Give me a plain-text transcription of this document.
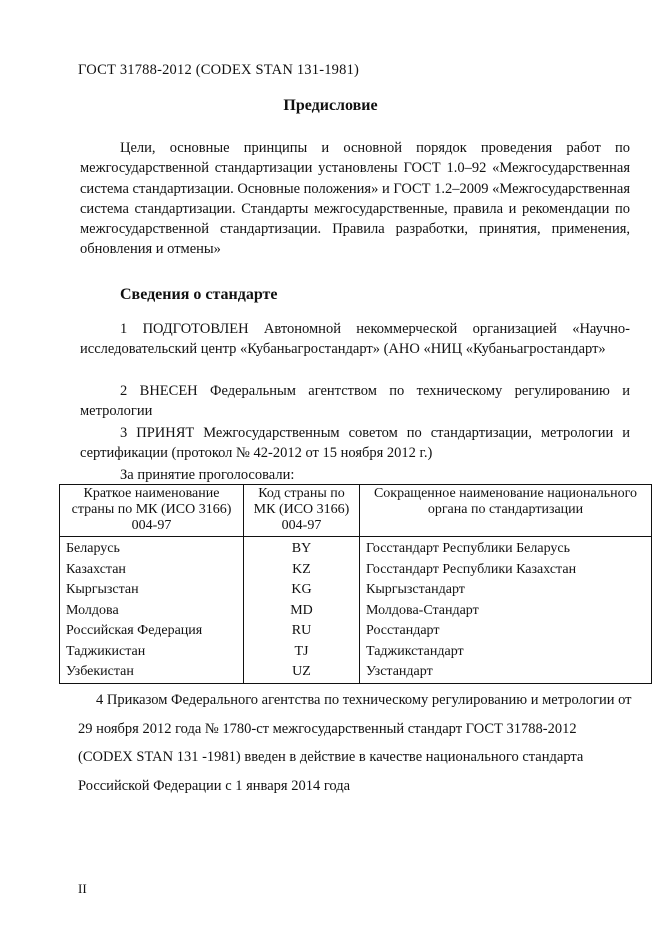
ГОСТ 31788-2012 (CODEX STAN 131-1981)
Предисловие
Цели, основные принципы и основной порядок проведения работ по межгосударственной стандартизации установлены ГОСТ 1.0–92 «Межгосударственная система стандартизации. Основные положения» и ГОСТ 1.2–2009 «Межгосударственная система стандартизации. Стандарты межгосударственные, правила и рекомендации по межгосударственной стандартизации. Правила разработки, принятия, применения, обновления и отмены»
Сведения о стандарте
1 ПОДГОТОВЛЕН Автономной некоммерческой организацией «Научно-исследовательский центр «Кубаньагростандарт» (АНО «НИЦ «Кубаньагростандарт»
2 ВНЕСЕН Федеральным агентством по техническому регулированию и метрологии
3 ПРИНЯТ Межгосударственным советом по стандартизации, метрологии и сертификации (протокол № 42-2012 от 15 ноября 2012 г.)
За принятие проголосовали:
Краткое наименование страны по МК (ИСО 3166) 004-97	Код страны по МК (ИСО 3166) 004-97	Сокращенное наименование национального органа по стандартизации
Беларусь	BY	Госстандарт Республики Беларусь
Казахстан	KZ	Госстандарт Республики Казахстан
Кыргызстан	KG	Кыргызстандарт
Молдова	MD	Молдова-Стандарт
Российская Федерация	RU	Росстандарт
Таджикистан	TJ	Таджикстандарт
Узбекистан	UZ	Узстандарт
4 Приказом Федерального агентства по техническому регулированию и метрологии от 29 ноября 2012 года № 1780-ст межгосударственный стандарт ГОСТ 31788-2012 (CODEX STAN 131 -1981) введен в действие в качестве национального стандарта Российской Федерации с 1 января 2014 года
II
